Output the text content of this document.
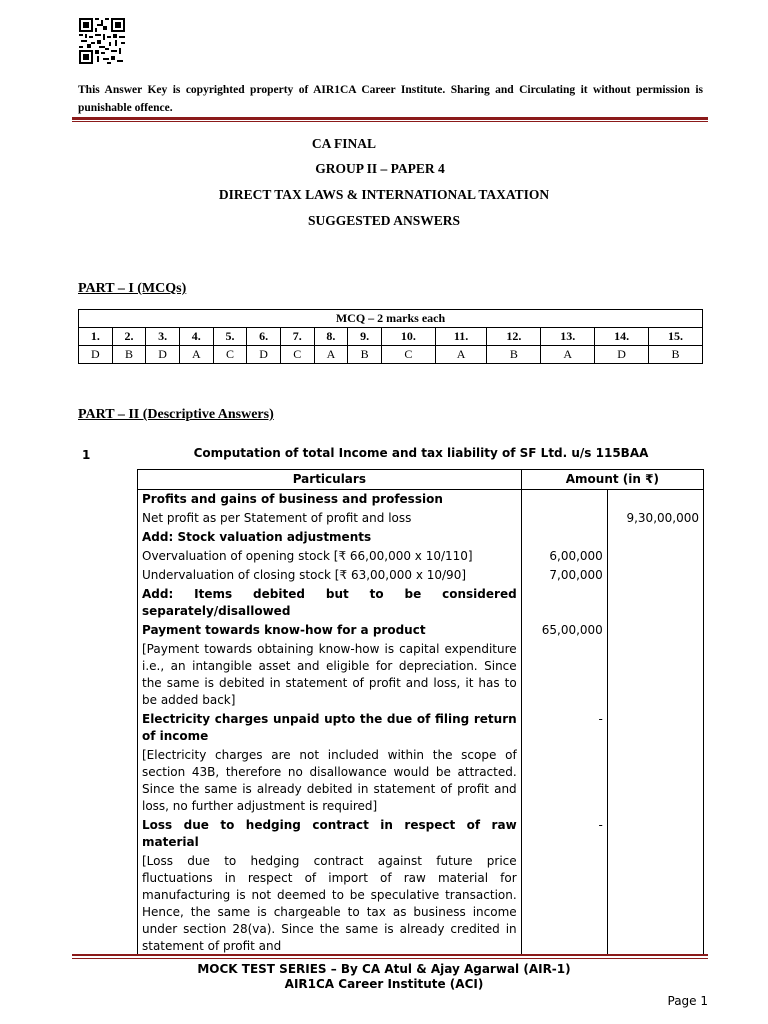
This Answer Key is copyrighted property of AIR1CA Career Institute. Sharing and Circulating it without permission is punishable offence.
CA FINAL
GROUP II – PAPER 4
DIRECT TAX LAWS & INTERNATIONAL TAXATION
SUGGESTED ANSWERS
PART – I (MCQs)
MCQ – 2 marks each														
1.	2.	3.	4.	5.	6.	7.	8.	9.	10.	11.	12.	13.	14.	15.
D	B	D	A	C	D	C	A	B	C	A	B	A	D	B
PART – II (Descriptive Answers)
1	Computation of total Income and tax liability of SF Ltd. u/s 115BAA
Particulars	Amount (in ₹)	
Profits and gains of business and profession		
Net profit as per Statement of profit and loss		9,30,00,000
Add: Stock valuation adjustments		
Overvaluation of opening stock [₹ 66,00,000 x 10/110]	6,00,000	
Undervaluation of closing stock [₹ 63,00,000 x 10/90]	7,00,000	
Add: Items debited but to be considered separately/disallowed		
Payment towards know-how for a product	65,00,000	
[Payment towards obtaining know-how is capital expenditure i.e., an intangible asset and eligible for depreciation. Since the same is debited in statement of profit and loss, it has to be added back]		
Electricity charges unpaid upto the due of filing return of income	-	
[Electricity charges are not included within the scope of section 43B, therefore no disallowance would be attracted. Since the same is already debited in statement of profit and loss, no further adjustment is required]		
Loss due to hedging contract in respect of raw material	-	
[Loss due to hedging contract against future price fluctuations in respect of import of raw material for manufacturing is not deemed to be speculative transaction. Hence, the same is chargeable to tax as business income under section 28(va). Since the same is already credited in statement of profit and		
MOCK TEST SERIES – By CA Atul & Ajay Agarwal (AIR-1)
AIR1CA Career Institute (ACI)
Page 1
